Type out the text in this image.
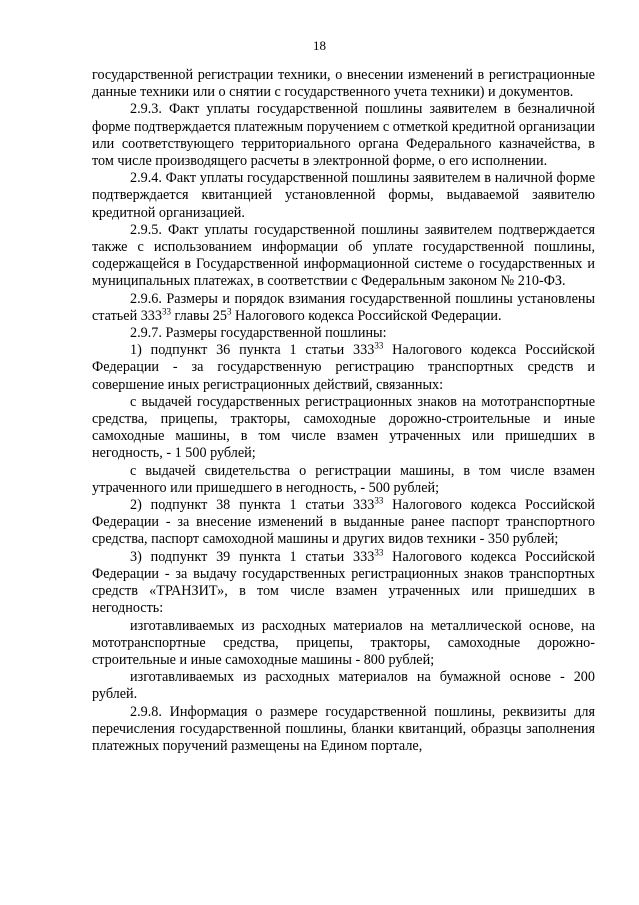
18

государственной регистрации техники, о внесении изменений в регистрационные данные техники или о снятии с государственного учета техники) и документов.

2.9.3. Факт уплаты государственной пошлины заявителем в безналичной форме подтверждается платежным поручением с отметкой кредитной организации или соответствующего территориального органа Федерального казначейства, в том числе производящего расчеты в электронной форме, о его исполнении.

2.9.4. Факт уплаты государственной пошлины заявителем в наличной форме подтверждается квитанцией установленной формы, выдаваемой заявителю кредитной организацией.

2.9.5. Факт уплаты государственной пошлины заявителем подтверждается также с использованием информации об уплате государственной пошлины, содержащейся в Государственной информационной системе о государственных и муниципальных платежах, в соответствии с Федеральным законом № 210-ФЗ.

2.9.6. Размеры и порядок взимания государственной пошлины установлены статьей $333^{33}$ главы $25^3$ Налогового кодекса Российской Федерации.

2.9.7. Размеры государственной пошлины:

1) подпункт 36 пункта 1 статьи $333^{33}$ Налогового кодекса Российской Федерации - за государственную регистрацию транспортных средств и совершение иных регистрационных действий, связанных:

с выдачей государственных регистрационных знаков на мототранспортные средства, прицепы, тракторы, самоходные дорожно-строительные и иные самоходные машины, в том числе взамен утраченных или пришедших в негодность, - 1 500 рублей;

с выдачей свидетельства о регистрации машины, в том числе взамен утраченного или пришедшего в негодность, - 500 рублей;

2) подпункт 38 пункта 1 статьи $333^{33}$ Налогового кодекса Российской Федерации - за внесение изменений в выданные ранее паспорт транспортного средства, паспорт самоходной машины и других видов техники - 350 рублей;

3) подпункт 39 пункта 1 статьи $333^{33}$ Налогового кодекса Российской Федерации - за выдачу государственных регистрационных знаков транспортных средств «ТРАНЗИТ», в том числе взамен утраченных или пришедших в негодность:

изготавливаемых из расходных материалов на металлической основе, на мототранспортные средства, прицепы, тракторы, самоходные дорожно-строительные и иные самоходные машины - 800 рублей;

изготавливаемых из расходных материалов на бумажной основе - 200 рублей.

2.9.8. Информация о размере государственной пошлины, реквизиты для перечисления государственной пошлины, бланки квитанций, образцы заполнения платежных поручений размещены на Едином портале,
